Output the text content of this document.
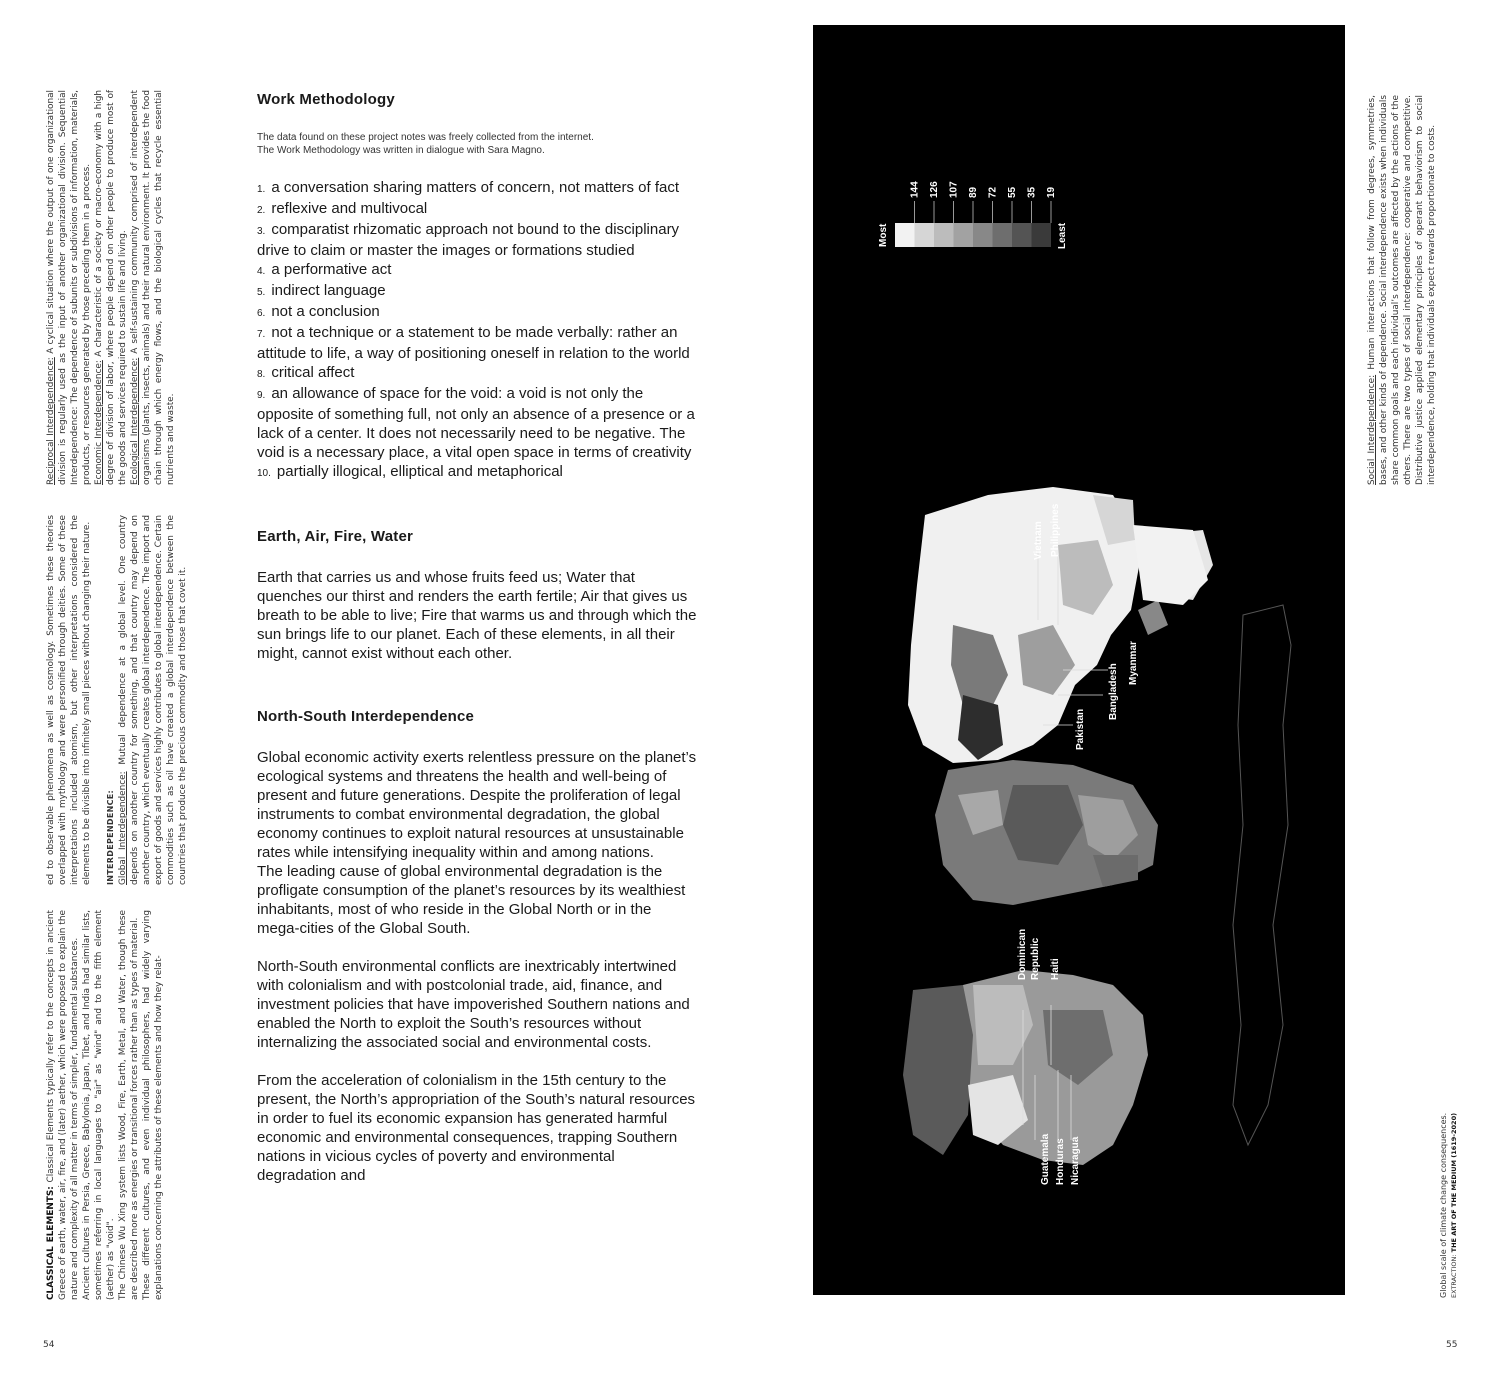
CLASSICAL ELEMENTS: Classical Elements typically refer to the concepts in ancient Greece of earth, water, air, fire, and (later) aether, which were proposed to explain the nature and complexity of all matter in terms of simpler, fundamental substances. Ancient cultures in Persia, Greece, Babylonia, Japan, Tibet, and India had similar lists, sometimes referring in local languages to "air" as "wind" and to the fifth element (aether) as "void". The Chinese Wu Xing system lists Wood, Fire, Earth, Metal, and Water, though these are described more as energies or transitional forces rather than as types of material. These different cultures, and even individual philosophers, had widely varying explanations concerning the attributes of these elements and how they relat-

ed to observable phenomena as well as cosmology. Sometimes these theories overlapped with mythology and were personified through deities. Some of these interpretations included atomism, but other interpretations considered the elements to be divisible into infinitely small pieces without changing their nature. INTERDEPENDENCE: Global Interdependence: Mutual dependence at a global level. One country depends on another country for something, and that country may depend on another country, which eventually creates global interdependence. The import and export of goods and services highly contributes to global interdependence. Certain commodities such as oil have created a global interdependence between the countries that produce the precious commodity and those that covet it.

Reciprocal Interdependence: A cyclical situation where the output of one organizational division is regularly used as the input of another organizational division. Sequential Interdependence: The dependence of subunits or subdivisions of information, materials, products, or resources generated by those preceding them in a process. Economic Interdependence: A characteristic of a society or macro-economy with a high degree of division of labor, where people depend on other people to produce most of the goods and services required to sustain life and living. Ecological Interdependence: A self-sustaining community comprised of interdependent organisms (plants, insects, animals) and their natural environment. It provides the food chain through which energy flows, and the biological cycles that recycle essential nutrients and waste.

Work Methodology
The data found on these project notes was freely collected from the internet.
The Work Methodology was written in dialogue with Sara Magno.
1. a conversation sharing matters of concern, not matters of fact
2. reflexive and multivocal
3. comparatist rhizomatic approach not bound to the disciplinary drive to claim or master the images or formations studied
4. a performative act
5. indirect language
6. not a conclusion
7. not a technique or a statement to be made verbally: rather an attitude to life, a way of positioning oneself in relation to the world
8. critical affect
9. an allowance of space for the void: a void is not only the opposite of something full, not only an absence of a presence or a lack of a center. It does not necessarily need to be negative. The void is a necessary place, a vital open space in terms of creativity
10. partially illogical, elliptical and metaphorical
Earth, Air, Fire, Water

Earth that carries us and whose fruits feed us; Water that quenches our thirst and renders the earth fertile; Air that gives us breath to be able to live; Fire that warms us and through which the sun brings life to our planet. Each of these elements, in all their might, cannot exist without each other.

North-South Interdependence

Global economic activity exerts relentless pressure on the planet’s ecological systems and threatens the health and well-being of present and future generations. Despite the proliferation of legal instruments to combat environmental degradation, the global economy continues to exploit natural resources at unsustainable rates while intensifying inequality within and among nations.

The leading cause of global environmental degradation is the profligate consumption of the planet’s resources by its wealthiest inhabitants, most of who reside in the Global North or in the mega-cities of the Global South.

North-South environmental conflicts are inextricably intertwined with colonialism and with postcolonial trade, aid, finance, and investment policies that have impoverished Southern nations and enabled the North to exploit the South’s resources without internalizing the associated social and environmental costs.

From the acceleration of colonialism in the 15th century to the present, the North’s appropriation of the South’s natural resources in order to fuel its economic expansion has generated harmful economic and environmental consequences, trapping Southern nations in vicious cycles of poverty and environmental degradation and

144 126 107 89 72 55 35 19
Most	Least
Vietnam Philippines
Myanmar
Bangladesh
Pakistan
Dominican Republic Haiti
Guatemala Honduras Nicaragua

Social Interdependence: Human interactions that follow from degrees, symmetries, bases, and other kinds of dependence. Social interdependence exists when individuals share common goals and each individual’s outcomes are affected by the actions of the others. There are two types of social interdependence: cooperative and competitive. Distributive justice applied elementary principles of operant behaviorism to social interdependence, holding that individuals expect rewards proportionate to costs.

Global scale of climate change consequences. EXTRACTION: THE ART OF THE MEDIUM (1619-2020)

54	55
